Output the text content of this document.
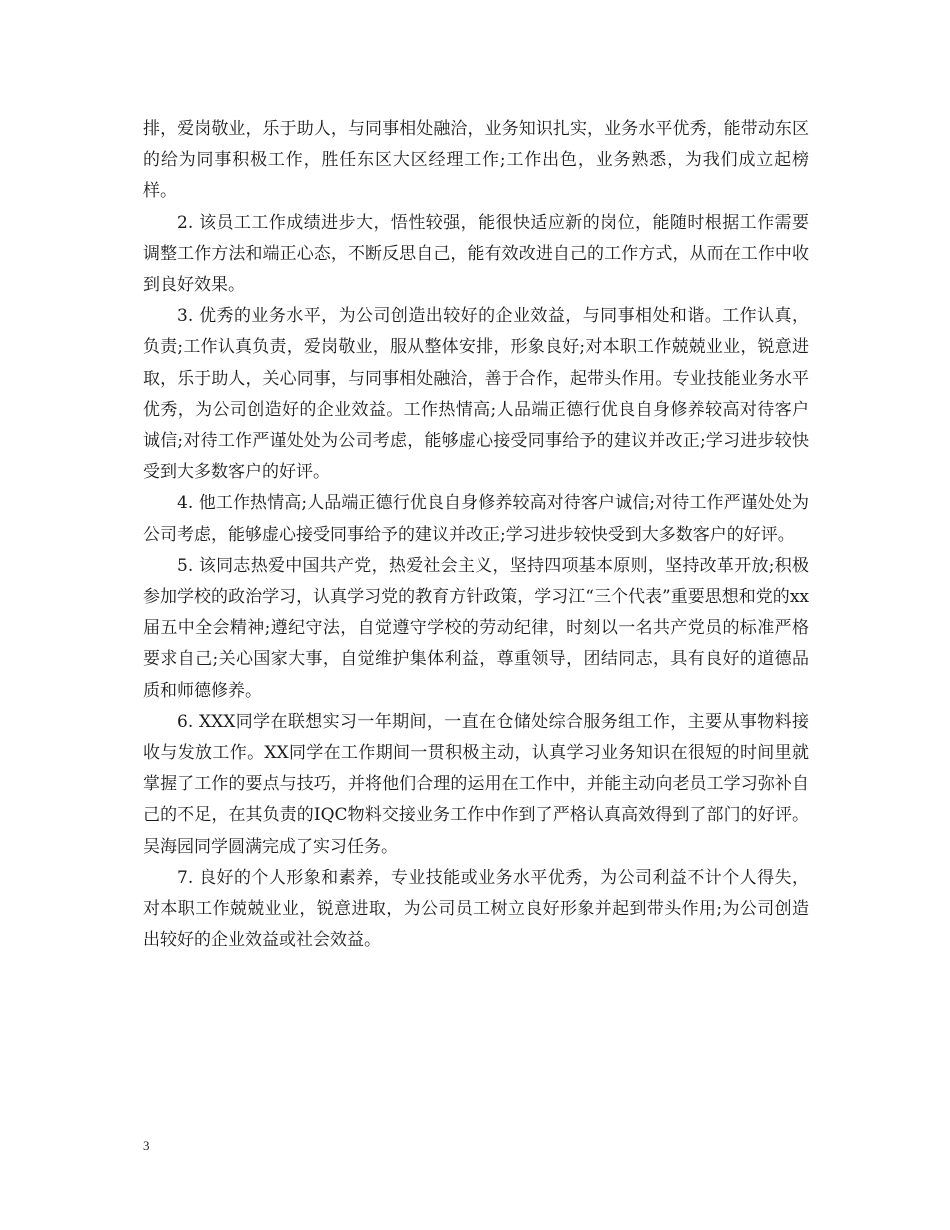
排，爱岗敬业，乐于助人，与同事相处融洽，业务知识扎实，业务水平优秀，能带动东区的给为同事积极工作，胜任东区大区经理工作;工作出色，业务熟悉，为我们成立起榜样。

2. 该员工工作成绩进步大，悟性较强，能很快适应新的岗位，能随时根据工作需要调整工作方法和端正心态，不断反思自己，能有效改进自己的工作方式，从而在工作中收到良好效果。

3. 优秀的业务水平，为公司创造出较好的企业效益，与同事相处和谐。工作认真，负责;工作认真负责，爱岗敬业，服从整体安排，形象良好;对本职工作兢兢业业，锐意进取，乐于助人，关心同事，与同事相处融洽，善于合作，起带头作用。专业技能业务水平优秀，为公司创造好的企业效益。工作热情高;人品端正德行优良自身修养较高对待客户诚信;对待工作严谨处处为公司考虑，能够虚心接受同事给予的建议并改正;学习进步较快受到大多数客户的好评。

4. 他工作热情高;人品端正德行优良自身修养较高对待客户诚信;对待工作严谨处处为公司考虑，能够虚心接受同事给予的建议并改正;学习进步较快受到大多数客户的好评。

5. 该同志热爱中国共产党，热爱社会主义，坚持四项基本原则，坚持改革开放;积极参加学校的政治学习，认真学习党的教育方针政策，学习江“三个代表”重要思想和党的xx届五中全会精神;遵纪守法，自觉遵守学校的劳动纪律，时刻以一名共产党员的标准严格要求自己;关心国家大事，自觉维护集体利益，尊重领导，团结同志，具有良好的道德品质和师德修养。

6. XXX同学在联想实习一年期间，一直在仓储处综合服务组工作，主要从事物料接收与发放工作。XX同学在工作期间一贯积极主动，认真学习业务知识在很短的时间里就掌握了工作的要点与技巧，并将他们合理的运用在工作中，并能主动向老员工学习弥补自己的不足，在其负责的IQC物料交接业务工作中作到了严格认真高效得到了部门的好评。吴海园同学圆满完成了实习任务。

7. 良好的个人形象和素养，专业技能或业务水平优秀，为公司利益不计个人得失，对本职工作兢兢业业，锐意进取，为公司员工树立良好形象并起到带头作用;为公司创造出较好的企业效益或社会效益。

3
